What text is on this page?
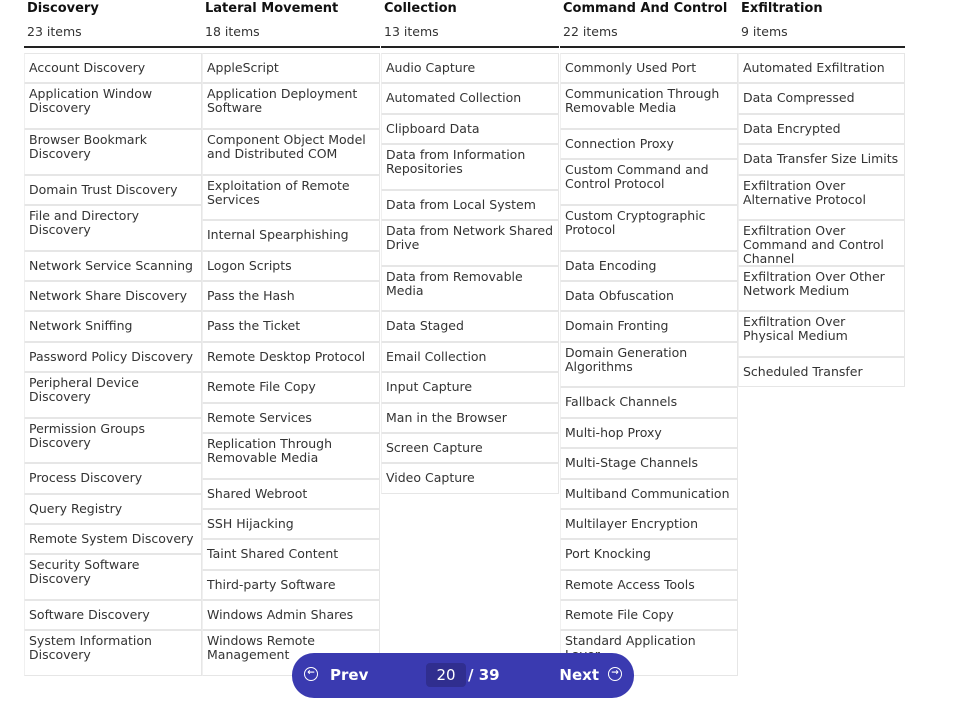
Discovery
23 items
Account Discovery
Application Window Discovery
Browser Bookmark Discovery
Domain Trust Discovery
File and Directory Discovery
Network Service Scanning
Network Share Discovery
Network Sniffing
Password Policy Discovery
Peripheral Device Discovery
Permission Groups Discovery
Process Discovery
Query Registry
Remote System Discovery
Security Software Discovery
Software Discovery
System Information Discovery
Lateral Movement
18 items
AppleScript
Application Deployment Software
Component Object Model and Distributed COM
Exploitation of Remote Services
Internal Spearphishing
Logon Scripts
Pass the Hash
Pass the Ticket
Remote Desktop Protocol
Remote File Copy
Remote Services
Replication Through Removable Media
Shared Webroot
SSH Hijacking
Taint Shared Content
Third-party Software
Windows Admin Shares
Windows Remote Management
Collection
13 items
Audio Capture
Automated Collection
Clipboard Data
Data from Information Repositories
Data from Local System
Data from Network Shared Drive
Data from Removable Media
Data Staged
Email Collection
Input Capture
Man in the Browser
Screen Capture
Video Capture
Command And Control
22 items
Commonly Used Port
Communication Through Removable Media
Connection Proxy
Custom Command and Control Protocol
Custom Cryptographic Protocol
Data Encoding
Data Obfuscation
Domain Fronting
Domain Generation Algorithms
Fallback Channels
Multi-hop Proxy
Multi-Stage Channels
Multiband Communication
Multilayer Encryption
Port Knocking
Remote Access Tools
Remote File Copy
Standard Application
Exfiltration
9 items
Automated Exfiltration
Data Compressed
Data Encrypted
Data Transfer Size Limits
Exfiltration Over Alternative Protocol
Exfiltration Over Command and Control Channel
Exfiltration Over Other Network Medium
Exfiltration Over Physical Medium
Scheduled Transfer
← Prev
20	/ 39	Next →
